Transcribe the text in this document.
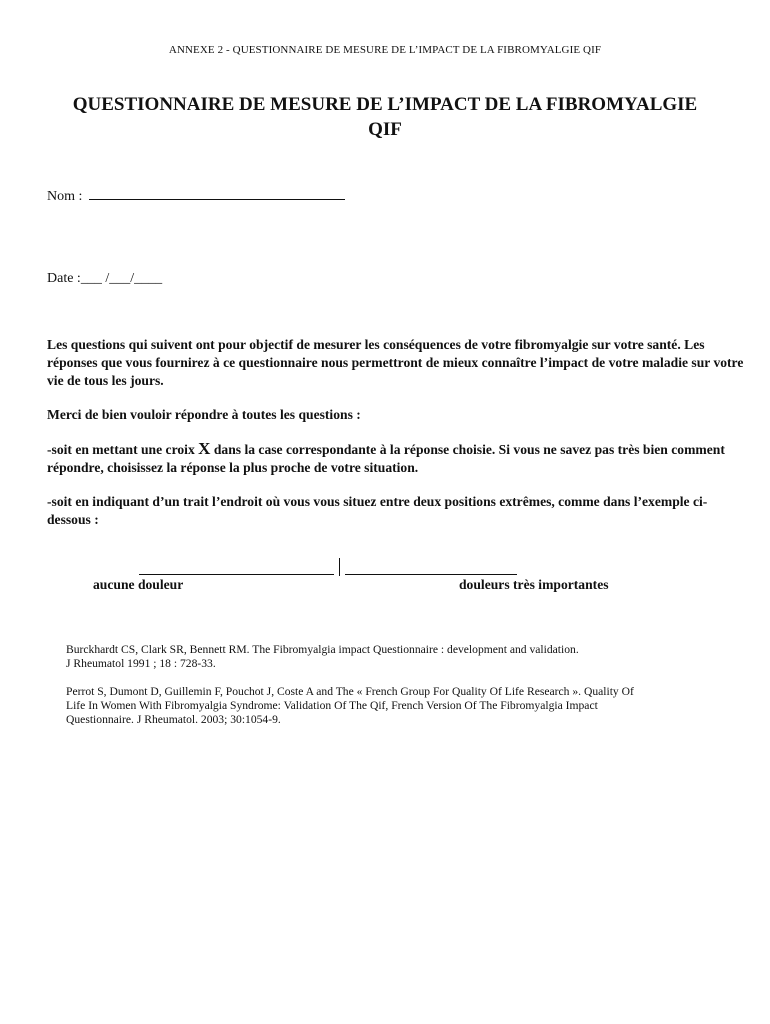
ANNEXE 2 - QUESTIONNAIRE DE MESURE DE L’IMPACT DE LA FIBROMYALGIE QIF
QUESTIONNAIRE DE MESURE DE L’IMPACT DE LA FIBROMYALGIE
QIF
Nom :
Date :___ /___/____

Les questions qui suivent ont pour objectif de mesurer les conséquences de votre fibromyalgie sur votre santé. Les réponses que vous fournirez à ce questionnaire nous permettront de mieux connaître l’impact de votre maladie sur votre vie de tous les jours.

Merci de bien vouloir répondre à toutes les questions :

-soit en mettant une croix X dans la case correspondante à la réponse choisie. Si vous ne savez pas très bien comment répondre, choisissez la réponse la plus proche de votre situation.

-soit en indiquant d’un trait l’endroit où vous vous situez entre deux positions extrêmes, comme dans l’exemple ci-dessous :

aucune douleur	douleurs très importantes

Burckhardt CS, Clark SR, Bennett RM. The Fibromyalgia impact Questionnaire : development and validation. J Rheumatol 1991 ; 18 : 728-33.

Perrot S, Dumont D, Guillemin F, Pouchot J, Coste A and The « French Group For Quality Of Life Research ». Quality Of Life In Women With Fibromyalgia Syndrome: Validation Of The Qif, French Version Of The Fibromyalgia Impact Questionnaire. J Rheumatol. 2003; 30:1054-9.
